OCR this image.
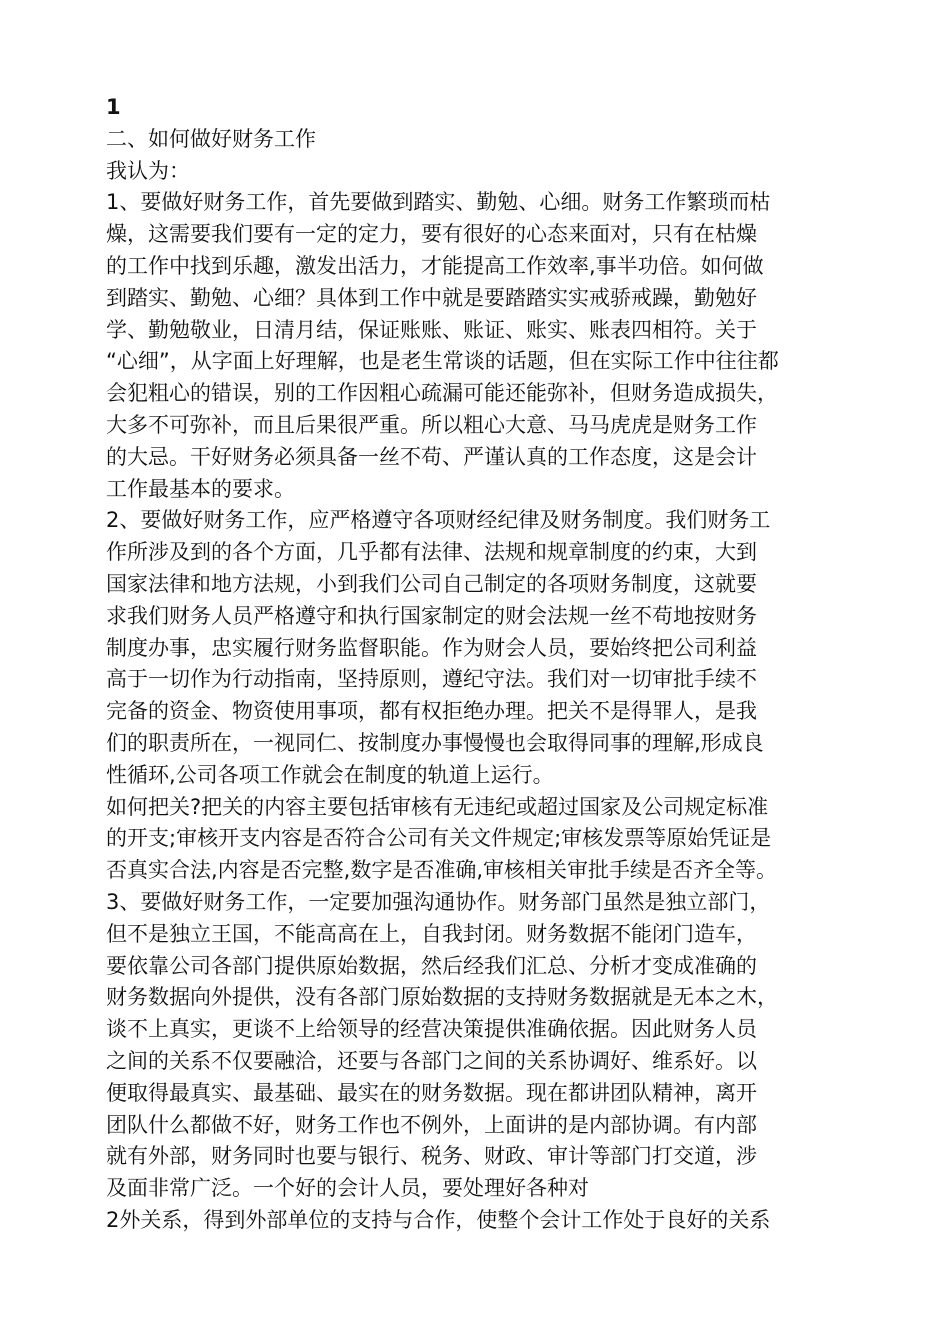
1
二、如何做好财务工作
我认为：
1、要做好财务工作，首先要做到踏实、勤勉、心细。财务工作繁琐而枯
燥，这需要我们要有一定的定力，要有很好的心态来面对，只有在枯燥
的工作中找到乐趣，激发出活力，才能提高工作效率,事半功倍。如何做
到踏实、勤勉、心细？具体到工作中就是要踏踏实实戒骄戒躁，勤勉好
学、勤勉敬业，日清月结，保证账账、账证、账实、账表四相符。关于
“心细”，从字面上好理解，也是老生常谈的话题，但在实际工作中往往都
会犯粗心的错误，别的工作因粗心疏漏可能还能弥补，但财务造成损失，
大多不可弥补，而且后果很严重。所以粗心大意、马马虎虎是财务工作
的大忌。干好财务必须具备一丝不苟、严谨认真的工作态度，这是会计
工作最基本的要求。
2、要做好财务工作，应严格遵守各项财经纪律及财务制度。我们财务工
作所涉及到的各个方面，几乎都有法律、法规和规章制度的约束，大到
国家法律和地方法规，小到我们公司自己制定的各项财务制度，这就要
求我们财务人员严格遵守和执行国家制定的财会法规一丝不苟地按财务
制度办事，忠实履行财务监督职能。作为财会人员，要始终把公司利益
高于一切作为行动指南，坚持原则，遵纪守法。我们对一切审批手续不
完备的资金、物资使用事项，都有权拒绝办理。把关不是得罪人，是我
们的职责所在，一视同仁、按制度办事慢慢也会取得同事的理解,形成良
性循环,公司各项工作就会在制度的轨道上运行。
如何把关?把关的内容主要包括审核有无违纪或超过国家及公司规定标准
的开支;审核开支内容是否符合公司有关文件规定;审核发票等原始凭证是
否真实合法,内容是否完整,数字是否准确,审核相关审批手续是否齐全等。
3、要做好财务工作，一定要加强沟通协作。财务部门虽然是独立部门，
但不是独立王国，不能高高在上，自我封闭。财务数据不能闭门造车，
要依靠公司各部门提供原始数据，然后经我们汇总、分析才变成准确的
财务数据向外提供，没有各部门原始数据的支持财务数据就是无本之木，
谈不上真实，更谈不上给领导的经营决策提供准确依据。因此财务人员
之间的关系不仅要融洽，还要与各部门之间的关系协调好、维系好。以
便取得最真实、最基础、最实在的财务数据。现在都讲团队精神，离开
团队什么都做不好，财务工作也不例外，上面讲的是内部协调。有内部
就有外部，财务同时也要与银行、税务、财政、审计等部门打交道，涉
及面非常广泛。一个好的会计人员，要处理好各种对
2外关系，得到外部单位的支持与合作，使整个会计工作处于良好的关系
